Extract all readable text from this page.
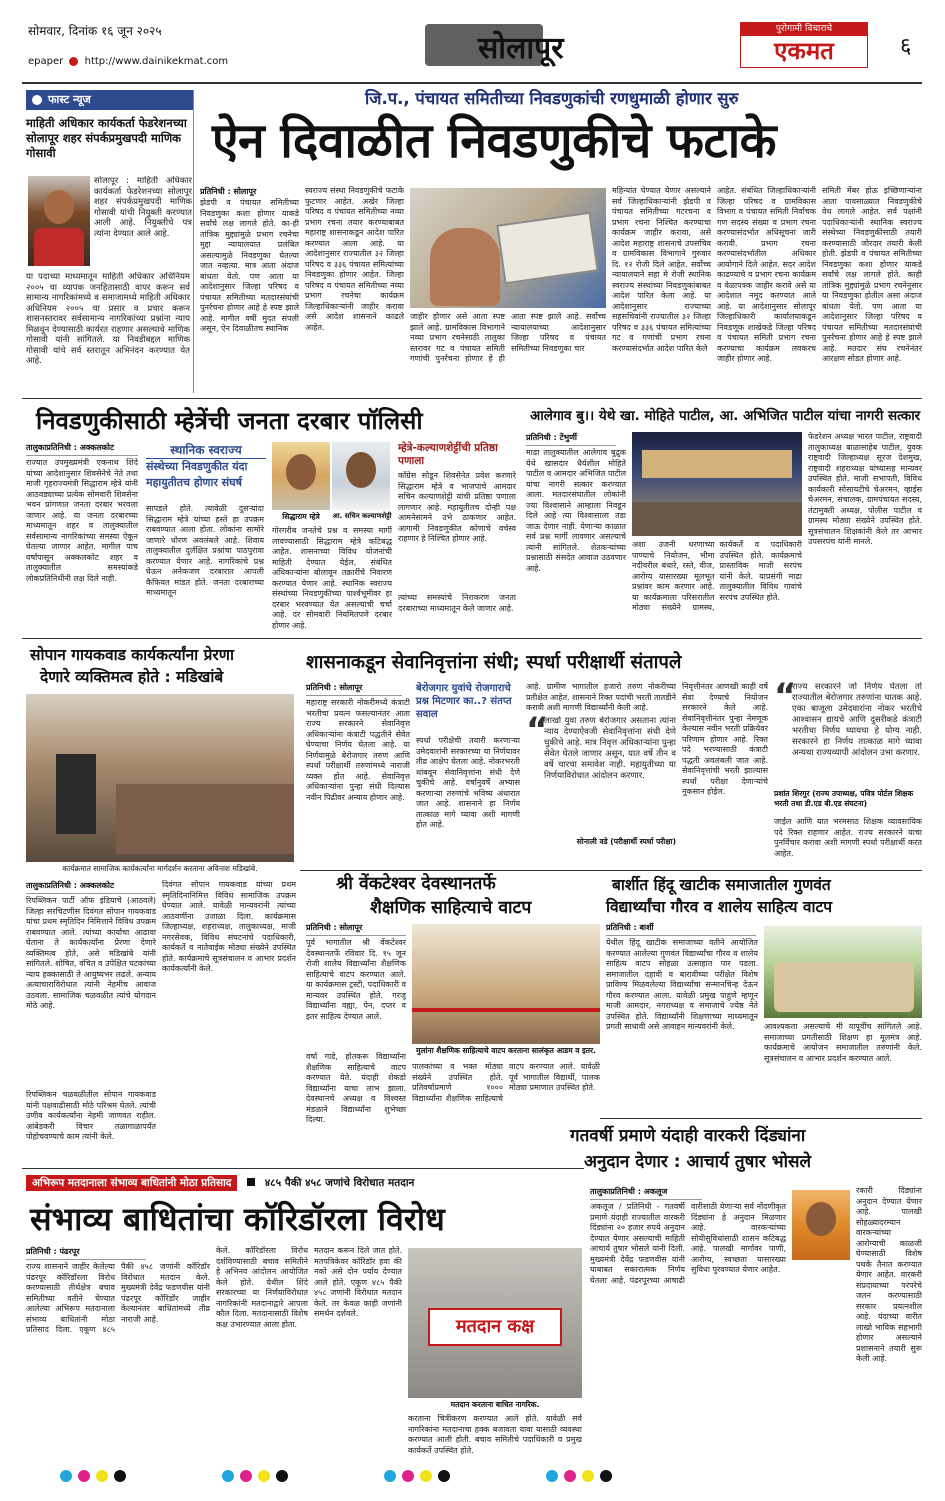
सोमवार, दिनांक १६ जून २०२५
epaper http://www.dainikekmat.com	सोलापूर
पुरोगामी विचाराचे
एकमत	६
फास्ट न्यूज
माहिती अधिकार कार्यकर्ता फेडरेशनच्या सोलापूर शहर संपर्कप्रमुखपदी माणिक गोसावी
सोलापूर : माहिती अधिकार कार्यकर्ता फेडरेशनच्या सोलापूर शहर संपर्कप्रमुखपदी माणिक गोसावी यांची नियुक्ती करण्यात आली आहे. नियुक्तीचे पत्र त्यांना देण्यात आले आहे.
या पदाच्या माध्यमातून माहिती अधिकार अधिनियम २००५ चा व्यापक जनहितासाठी वापर करून सर्व सामान्य नागरिकांमध्ये व समाजामध्ये माहिती अधिकार अधिनियम २००५ चा प्रसार व प्रचार करून शासनस्तरावर सर्वसामान्य नागरिकांच्या प्रश्नांना न्याय मिळवून देण्यासाठी कार्यरत राहणार असल्याचे माणिक गोसावी यांनी सांगितले. या निवडीबद्दल माणिक गोसावी यांचे सर्व स्तरातून अभिनंदन करण्यात येत आहे.
जि.प., पंचायत समितीच्या निवडणुकांची रणधुमाळी होणार सुरु
ऐन दिवाळीत निवडणुकीचे फटाके
प्रतिनिधी : सोलापूर
झेडपी व पंचायत समितीच्या निवडणुका कशा होणार याकडे सर्वांचे लक्ष लागले होते. का-ही तांत्रिक मुद्द्यांमुळे प्रभाग रचनेचा मुद्दा न्यायालयात प्रलंबित असल्यामुळे निवडणुका घेतल्या जात नव्हत्या. मात्र आता अंदाज बांधता येतो. पण आता या आदेशानुसार जिल्हा परिषद व पंचायत समितीच्या मतदारसंघांची पुनर्रचना होणार आहे हे स्पष्ट झाले आहे. मागील वर्षी मुदत संपली असून, ऐन दिवाळीतच स्थानिक
स्वराज्य संस्था निवडणुकीचे फटाके फुटणार आहेत. अखेर जिल्हा परिषद व पंचायत समितीच्या नव्या प्रभाग रचना तयार करण्याबाबत महाराष्ट्र शासनाकडून आदेश पारित करण्यात आला आहे. या आदेशानुसार राज्यातील ३२ जिल्हा परिषद व ३३६ पंचायत समित्यांच्या निवडणुका होणार आहेत. जिल्हा परिषद व पंचायत समितीच्या नव्या प्रभाग रचनेचा कार्यक्रम जिल्हाधिकाऱ्यांनी जाहीर करावा असे आदेश शासनाने काढले आहेत.
जाहीर होणार असे आता स्पष्ट झाले आहे. ग्रामविकास विभागाने नव्या प्रभाग रचनेसाठी तालुका स्तरावर गट व पंचायत समिती गणांची पुनर्रचना होणार हे ही आता स्पष्ट झाले आहे. सर्वोच्च न्यायालयाच्या आदेशानुसार जिल्हा परिषद व पंचायत समितीच्या निवडणुका चार
महिन्यांत घेण्यात येणार असल्याने सर्व जिल्हाधिकाऱ्यांनी झेडपी व पंचायत समितीच्या गटरचना व प्रभाग रचना निश्चित करण्याचा कार्यक्रम जाहीर करावा, असे आदेश महाराष्ट्र शासनाचे उपसचिव व ग्रामविकास विभागाने गुरुवार दि. १२ रोजी दिले आहेत. सर्वोच्च न्यायालयाने सहा मे रोजी स्थानिक स्वराज्य संस्थांच्या निवडणुकांबाबत आदेश पारित केला आहे. या आदेशानुसार राज्याच्या सहसचिवांनी राज्यातील ३२ जिल्हा परिषद व ३३६ पंचायत समित्यांच्या गट व गणांची प्रभाग रचना करण्यासंदर्भात आदेश पारित केले
आहेत. संबंधित जिल्हाधिकाऱ्यांनी जिल्हा परिषद व ग्रामविकास विभाग व पंचायत समिती निर्वाचक गण सदस्य संख्या व प्रभाग रचना करण्यासंदर्भात अधिसूचना जारी करावी. प्रभाग रचना करण्यासंदर्भातील अधिकार आयोगाने दिले आहेत. सदर आदेश काढण्याचे व प्रभाग रचना कार्यक्रम व वेळापत्रक जाहीर करावे असे या आदेशात नमूद करण्यात आले आहे. या आदेशानुसार सोलापूर जिल्हाधिकारी कार्यालयाकडून निवडणूक शाखेकडे जिल्हा परिषद व पंचायत समिती प्रभाग रचना करण्याचा कार्यक्रम लवकरच जाहीर होणार आहे.
समिती मेंबर होऊ इच्छिणाऱ्यांना आता पावसाळ्यात निवडणुकीचे वेध लागले आहेत. सर्व पक्षांनी पदाधिकाऱ्यांनी स्थानिक स्वराज्य संस्थेच्या निवडणुकीसाठी तयारी करण्यासाठी जोरदार तयारी केली होती. झेडपी व पंचायत समितीच्या निवडणुका कशा होणार याकडे सर्वांचे लक्ष लागले होते. काही तांत्रिक मुद्द्यांमुळे प्रभाग रचनेनुसार या निवडणुका होतील असा अंदाज बांधता येतो. पण आता या आदेशानुसार जिल्हा परिषद व पंचायत समितीच्या मतदारसंघांची पुनर्रचना होणार आहे हे स्पष्ट झाले आहे. मतदार संघ रचनेनंतर आरक्षण सोडत होणार आहे.
निवडणुकीसाठी म्हेत्रेंची जनता दरबार पॉलिसी
तालुकाप्रतिनिधी : अक्कलकोट
राज्यात उपमुख्यमंत्री एकनाथ शिंदे यांच्या आदेशानुसार शिवसेनेचे नेते तथा माजी गृहराज्यमंत्री सिद्धाराम म्हेत्रे यांनी आठवड्याच्या प्रत्येक सोमवारी शिवसेना भवन प्रांगणात जनता दरबार भरवला जाणार आहे. या जनता दरबारच्या माध्यमातून शहर व तालुक्यातील सर्वसामान्य नागरिकांच्या समस्या ऐकून घेतल्या जाणार आहेत. मागील पाच वर्षांपासून अक्कलकोट शहर व तालुक्यातील समस्यांकडे लोकप्रतिनिधींनी लक्ष दिले नाही.
स्थानिक स्वराज्य
संस्थेच्या निवडणुकीत यंदा
महायुतीतच होणार संघर्ष
सापडले होते. त्यावेळी दुसऱ्यांदा सिद्धाराम म्हेत्रे यांच्या हस्ते हा उपक्रम राबवण्यात आला होता. लोकांना सामोरे जाणारे धोरण अवलंबले आहे. शिवाय तालुक्यातील दुर्लक्षित प्रश्नांचा पाठपुरावा करण्यात येणार आहे. नागरिकांचे प्रश्न घेऊन अनेकजण दरबारात आपली कैफियत मांडत होते. जनता दरबाराच्या माध्यमातून
सिद्धाराम म्हेत्रे	आ. सचिन कल्याणशेट्टी
गोरगरीब जनतेचे प्रश्न व समस्या मार्गी लावण्यासाठी सिद्धाराम म्हेत्रे कटिबद्ध आहेत. शासनाच्या विविध योजनांची माहिती देण्यात येईल, संबंधित अधिकाऱ्यांना बोलावून तक्रारींचे निवारण करण्यात येणार आहे. स्थानिक स्वराज्य संस्थांच्या निवडणुकीच्या पार्श्वभूमीवर हा दरबार भरवण्यात येत असल्याची चर्चा आहे. दर सोमवारी नियमितपणे दरबार होणार आहे.
म्हेत्रे-कल्याणशेट्टींची प्रतिष्ठा पणाला
कॉंग्रेस सोडून शिवसेनेत प्रवेश करणारे सिद्धाराम म्हेत्रे व भाजपाचे आमदार सचिन कल्याणशेट्टी यांची प्रतिष्ठा पणाला लागणार आहे. महायुतीतच दोन्ही पक्ष आमनेसामने उभे ठाकणार आहेत. आगामी निवडणुकीत कोणाचे वर्चस्व राहणार हे निश्चित होणार आहे.
त्यांच्या समस्यांचे निराकरण जनता दरबाराच्या माध्यमातून केले जाणार आहे.
आलेगाव बु।। येथे खा. मोहिते पाटील, आ. अभिजित पाटील यांचा नागरी सत्कार
प्रतिनिधी : टेंभुर्णी
माढा तालुक्यातील आलेगाव बुद्रुक येथे खासदार धैर्यशील मोहिते पाटील व आमदार अभिजित पाटील यांचा नागरी सत्कार करण्यात आला. मतदारसंघातील लोकांनी ज्या विश्वासाने आम्हाला निवडून दिले आहे त्या विश्वासाला तडा जाऊ देणार नाही. येणाऱ्या काळात सर्व प्रश्न मार्गी लावणार असल्याचे त्यांनी सांगितले. शेतकऱ्यांच्या प्रश्नासाठी संसदेत आवाज उठवणार आहे.
अशा उजनी धरणाच्या पाण्याचे नियोजन, भीमा नदीवरील बंधारे, रस्ते, वीज, आरोग्य यासारख्या मूलभूत प्रश्नांवर काम करणार आहे. या कार्यक्रमाला परिसरातील मोठ्या संख्येने ग्रामस्थ, कार्यकर्ते व पदाधिकारी उपस्थित होते. कार्यक्रमाचे प्रास्ताविक माजी सरपंच यांनी केले. याप्रसंगी माढा तालुक्यातील विविध गावांचे सरपंच उपस्थित होते.
फेडरेशन अध्यक्ष भारत पाटील, राष्ट्रवादी तालुकाध्यक्ष बाळासाहेब पाटील, युवक राष्ट्रवादी जिल्हाध्यक्ष सूरज देशमुख, राष्ट्रवादी शहराध्यक्ष यांच्यासह मान्यवर उपस्थित होते. माजी सभापती, विविध कार्यकारी सोसायटीचे चेअरमन, व्हाईस चेअरमन, संचालक, ग्रामपंचायत सदस्य, तंटामुक्ती अध्यक्ष, पोलीस पाटील व ग्रामस्थ मोठ्या संख्येने उपस्थित होते. सूत्रसंचालन शिक्षकांनी केले तर आभार उपसरपंच यांनी मानले.
सोपान गायकवाड कार्यकर्त्यांना प्रेरणा
देणारे व्यक्तिमत्व होते : मडिखांबे
कार्यक्रमात सामाजिक कार्यकर्त्यांना मार्गदर्शन करताना अविनाश मडिखांबे.
तालुकाप्रतिनिधी : अक्कलकोट
रिपब्लिकन पार्टी ऑफ इंडियाचे (आठवले) जिल्हा सरचिटणीस दिवंगत सोपान गायकवाड यांचा प्रथम स्मृतिदिन निमित्ताने विविध उपक्रम राबवण्यात आले. त्यांच्या कार्याचा आढावा घेताना ते कार्यकर्त्यांना प्रेरणा देणारे व्यक्तिमत्व होते, असे मडिखांबे यांनी सांगितले. शोषित, वंचित व उपेक्षित घटकांच्या न्याय हक्कासाठी ते आयुष्यभर लढले. अन्याय अत्याचाराविरोधात त्यांनी नेहमीच आवाज उठवला. सामाजिक चळवळीत त्यांचे योगदान मोठे आहे.
रिपब्लिकन चळवळीतील सोपान गायकवाड यांनी पक्षवाढीसाठी मोठे परिश्रम घेतले. त्यांची उणीव कार्यकर्त्यांना नेहमी जाणवत राहील. आंबेडकरी विचार तळागाळापर्यंत पोहोचवण्याचे काम त्यांनी केले.
दिवंगत सोपान गायकवाड यांच्या प्रथम स्मृतिदिनानिमित्त विविध सामाजिक उपक्रम घेण्यात आले. यावेळी मान्यवरांनी त्यांच्या आठवणींना उजाळा दिला. कार्यक्रमास जिल्हाध्यक्ष, शहराध्यक्ष, तालुकाध्यक्ष, माजी नगरसेवक, विविध संघटनांचे पदाधिकारी, कार्यकर्ते व नातेवाईक मोठ्या संख्येने उपस्थित होते. कार्यक्रमाचे सूत्रसंचालन व आभार प्रदर्शन कार्यकर्त्यांनी केले.
शासनाकडून सेवानिवृत्तांना संधी; स्पर्धा परीक्षार्थी संतापले
प्रतिनिधी : सोलापूर
महाराष्ट्र सरकारी नोकरीमध्ये कंत्राटी भरतीचा प्रयत्न फसल्यानंतर आता राज्य सरकारने सेवानिवृत्त अधिकाऱ्यांना कंत्राटी पद्धतीने सेवेत घेण्याचा निर्णय घेतला आहे. या निर्णयामुळे बेरोजगार तरुण आणि स्पर्धा परीक्षार्थी तरुणांमध्ये नाराजी व्यक्त होत आहे. सेवानिवृत्त अधिकाऱ्यांना पुन्हा संधी दिल्यास नवीन पिढीवर अन्याय होणार आहे.
बेरोजगार युवांचे रोजगाराचे प्रश्न मिटणार का..? संतप्त सवाल
स्पर्धा परीक्षेची तयारी करणाऱ्या उमेदवारांनी सरकारच्या या निर्णयावर तीव्र आक्षेप घेतला आहे. नोकरभरती थांबवून सेवानिवृत्तांना संधी देणे चुकीचे आहे. वर्षानुवर्षे अभ्यास करणाऱ्या तरुणांचे भविष्य अंधारात जात आहे. शासनाने हा निर्णय तात्काळ मागे घ्यावा अशी मागणी होत आहे.
आहे. ग्रामीण भागातील हजारो तरुण नोकरीच्या प्रतीक्षेत आहेत. शासनाने रिक्त पदांची भरती तातडीने करावी अशी मागणी विद्यार्थ्यांनी केली आहे.
“
लाखो युवा तरुण बेरोजगार असताना त्यांना न्याय देण्याऐवजी सेवानिवृत्तांना संधी देणे चुकीचे आहे. मात्र निवृत्त अधिकाऱ्यांना पुन्हा सेवेत घेतले जाणार असून, यात वर्षे तीन व वर्षे चारचा समावेश नाही. महायुतीच्या या निर्णयाविरोधात आंदोलन करणार.
सोनाली वडे (परीक्षार्थी स्पर्धा परीक्षा)
निवृत्तीनंतर आणखी काही वर्षे सेवा देण्याचे नियोजन सरकारने केले आहे. सेवानिवृत्तीनंतर पुन्हा नेमणूक केल्यास नवीन भरती प्रक्रियेवर परिणाम होणार आहे. रिक्त पदे भरण्यासाठी कंत्राटी पद्धती अवलंबली जात आहे. सेवानिवृत्तांची भरती झाल्यास स्पर्धा परीक्षा देणाऱ्यांचे नुकसान होईल.
“
राज्य सरकारने जो निर्णय घेतला तो राज्यातील बेरोजगार तरुणांना घातक आहे. एका बाजूला उमेदवारांना नोकर भरतीचे आश्वासन द्यायचे आणि दुसरीकडे कंत्राटी भरतीचा निर्णय घ्यायचा हे योग्य नाही. सरकारने हा निर्णय तात्काळ मागे घ्यावा अन्यथा राज्यव्यापी आंदोलन उभा करणार.
प्रशांत शिरगुर (राज्य उपाध्यक्ष, पवित्र पोर्टल शिक्षक भरती तथा डी.एड बी.एड संघटना)
जाईल आणि यात भरमसाठ शिक्षक व्यावसायिक पदे रिक्त राहणार आहेत. राज्य सरकारने याचा पुनर्विचार करावा अशी मागणी स्पर्धा परीक्षार्थी करत आहेत.
श्री वेंकटेश्वर देवस्थानतर्फे
शैक्षणिक साहित्याचे वाटप
प्रतिनिधी : सोलापूर
पूर्व भागातील श्री वेंकटेश्वर देवस्थानतर्फे रविवार दि. १५ जून रोजी शालेय विद्यार्थ्यांना शैक्षणिक साहित्याचे वाटप करण्यात आले. या कार्यक्रमास ट्रस्टी, पदाधिकारी व मान्यवर उपस्थित होते. गरजू विद्यार्थ्यांना वह्या, पेन, दप्तर व इतर साहित्य देण्यात आले.
मुलांना शैक्षणिक साहित्याचे वाटप करताना सालंकृत आडम व इतर.
वर्षा गाडे, होतकरू विद्यार्थ्यांना शैक्षणिक साहित्याचे वाटप करण्यात येते. यंदाही शेकडो विद्यार्थ्यांना याचा लाभ झाला. देवस्थानचे अध्यक्ष व विश्वस्त मंडळाने विद्यार्थ्यांना शुभेच्छा दिल्या.
पालकांच्या व भक्त मोठ्या संख्येने उपस्थित होते. प्रतिवर्षाप्रमाणे १००० विद्यार्थ्यांना शैक्षणिक साहित्याचे वाटप करण्यात आले. यावेळी पूर्व भागातील विद्यार्थी, पालक मोठ्या प्रमाणात उपस्थित होते.
बार्शीत हिंदू खाटीक समाजातील गुणवंत
विद्यार्थ्यांचा गौरव व शालेय साहित्य वाटप
प्रतिनिधी : बार्शी
येथील हिंदू खाटीक समाजाच्या वतीने आयोजित करण्यात आलेल्या गुणवंत विद्यार्थ्यांचा गौरव व शालेय साहित्य वाटप सोहळा उत्साहात पार पडला. समाजातील दहावी व बारावीच्या परीक्षेत विशेष प्राविण्य मिळवलेल्या विद्यार्थ्यांचा सन्मानचिन्ह देऊन गौरव करण्यात आला. यावेळी प्रमुख पाहुणे म्हणून माजी आमदार, नगराध्यक्ष व समाजाचे ज्येष्ठ नेते उपस्थित होते. विद्यार्थ्यांनी शिक्षणाच्या माध्यमातून प्रगती साधावी असे आवाहन मान्यवरांनी केले.	आवश्यकता असल्याचे मी यापूर्वीच सांगितले आहे. समाजाच्या प्रगतीसाठी शिक्षण हा मूलमंत्र आहे. कार्यक्रमाचे आयोजन समाजातील तरुणांनी केले. सूत्रसंचालन व आभार प्रदर्शन करण्यात आले.
गतवर्षी प्रमाणे यंदाही वारकरी दिंड्यांना
अनुदान देणार : आचार्य तुषार भोसले
तालुकाप्रतिनिधी : अकलूज
अकलूज / प्रतिनिधी - गतवर्षी प्रमाणे यंदाही राज्यातील वारकरी दिंड्यांना २० हजार रुपये अनुदान देण्यात येणार असल्याची माहिती आचार्य तुषार भोसले यांनी दिली. मुख्यमंत्री देवेंद्र फडणवीस यांनी याबाबत सकारात्मक निर्णय घेतला आहे. पंढरपूरच्या आषाढी वारीसाठी येणाऱ्या सर्व नोंदणीकृत दिंड्यांना हे अनुदान मिळणार आहे. वारकऱ्यांच्या सोयीसुविधांसाठी शासन कटिबद्ध आहे. पालखी मार्गावर पाणी, आरोग्य, स्वच्छता यासारख्या सुविधा पुरवण्यात येणार आहेत.
रकारी दिंड्यांना अनुदान देण्यात येणार आहे. पालखी सोहळ्यादरम्यान वारकऱ्यांच्या आरोग्याची काळजी घेण्यासाठी विशेष पथके तैनात करण्यात येणार आहेत. वारकरी संप्रदायाच्या परंपरेचे जतन करण्यासाठी सरकार प्रयत्नशील आहे. यंदाच्या वारीत लाखो भाविक सहभागी होणार असल्याने प्रशासनाने तयारी सुरू केली आहे.
अभिरूप मतदानाला संभाव्य बाधितांनी मोठा प्रतिसाद	४८५ पैकी ४५८ जणांचे विरोधात मतदान
संभाव्य बाधितांचा कॉरिडॉरला विरोध
प्रतिनिधी : पंढरपूर
राज्य शासनाने जाहीर केलेल्या पंढरपूर कॉरिडॉरला विरोध करण्यासाठी तीर्थक्षेत्र बचाव समितीच्या वतीने घेण्यात आलेल्या अभिरूप मतदानाला संभाव्य बाधितांनी मोठा प्रतिसाद दिला. एकूण ४८५ पैकी ४५८ जणांनी कॉरिडॉर विरोधात मतदान केले. मुख्यमंत्री देवेंद्र फडणवीस यांनी पंढरपूर कॉरिडॉर जाहीर केल्यानंतर बाधितांमध्ये तीव्र नाराजी आहे.
केले. कॉरिडॉरला विरोध दर्शविण्यासाठी बचाव समितीने हे अभिनव आंदोलन आयोजित केले होते. येथील शिंदे सरकारच्या या निर्णयाविरोधात नागरिकांनी मतदानाद्वारे आपला कौल दिला. मतदानासाठी विशेष कक्ष उभारण्यात आला होता.
मतदान करून दिले जात होते. मतपत्रिकेवर कॉरिडॉर हवा की नको असे दोन पर्याय देण्यात आले होते. एकूण ४८५ पैकी ४५८ जणांनी विरोधात मतदान केले. तर केवळ काही जणांनी समर्थन दर्शवले.
मतदान कक्ष
मतदान करताना बाधित नागरिक.
करताना चित्रीकरण करण्यात आले होते. यावेळी सर्व नागरिकांना मतदानाचा हक्क बजावता यावा यासाठी व्यवस्था करण्यात आली होती. बचाव समितीचे पदाधिकारी व प्रमुख कार्यकर्ते उपस्थित होते.
